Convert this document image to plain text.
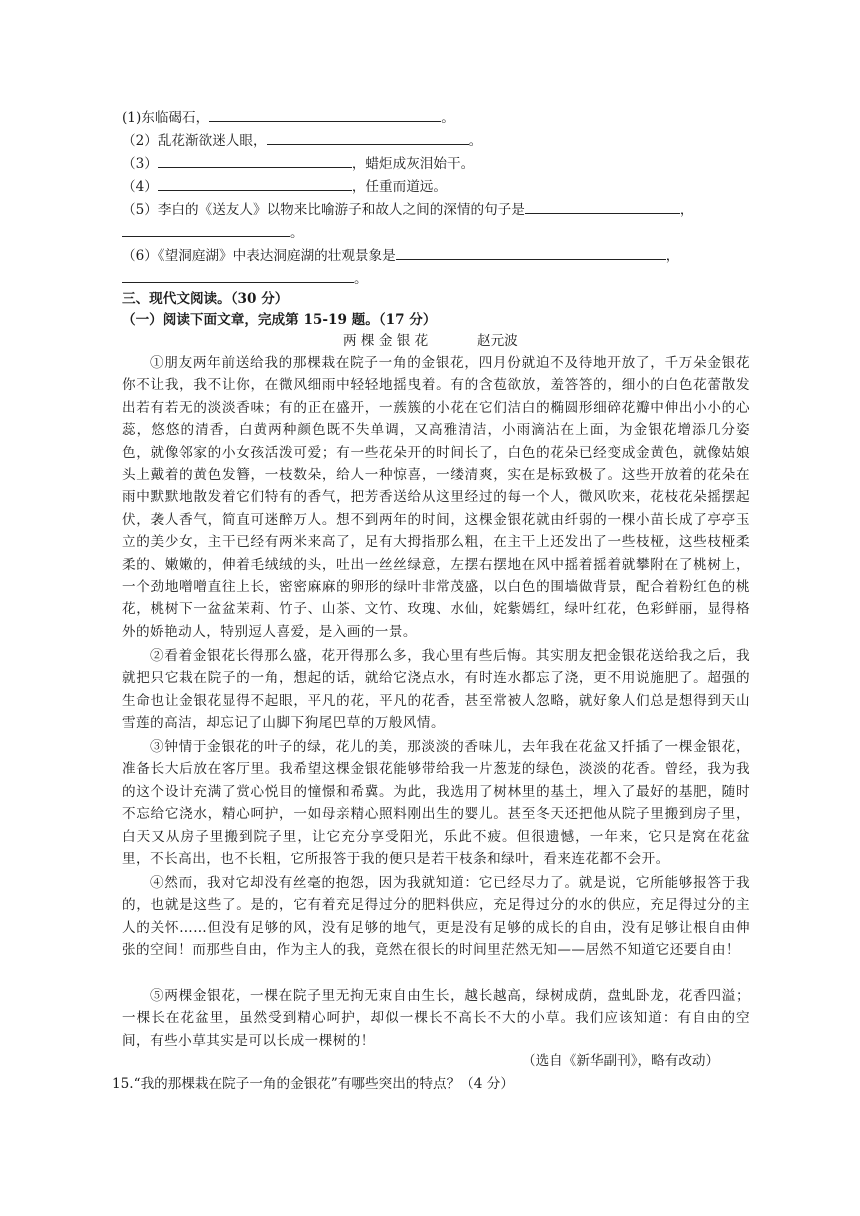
(1)东临碣石，	。
（2）乱花渐欲迷人眼，	。
（3）	，蜡炬成灰泪始干。
（4）	，任重而道远。
（5）李白的《送友人》以物来比喻游子和故人之间的深情的句子是	，
。
（6）《望洞庭湖》中表达洞庭湖的壮观景象是	，
。
三、现代文阅读。（30 分）
（一）阅读下面文章，完成第 15-19 题。（17 分）
两 棵 金 银 花	赵元波

①朋友两年前送给我的那棵栽在院子一角的金银花，四月份就迫不及待地开放了，千万朵金银花你不让我，我不让你，在微风细雨中轻轻地摇曳着。有的含苞欲放，羞答答的，细小的白色花蕾散发出若有若无的淡淡香味；有的正在盛开，一蔟簇的小花在它们洁白的椭圆形细碎花瓣中伸出小小的心蕊，悠悠的清香，白黄两种颜色既不失单调，又高雅清洁，小雨滴沾在上面，为金银花增添几分姿色，就像邻家的小女孩活泼可爱；有一些花朵开的时间长了，白色的花朵已经变成金黄色，就像姑娘头上戴着的黄色发簪，一枝数朵，给人一种惊喜，一缕清爽，实在是标致极了。这些开放着的花朵在雨中默默地散发着它们特有的香气，把芳香送给从这里经过的每一个人，微风吹来，花枝花朵摇摆起伏，袭人香气，简直可迷醉万人。想不到两年的时间，这棵金银花就由纤弱的一棵小苗长成了亭亭玉立的美少女，主干已经有两米来高了，足有大拇指那么粗，在主干上还发出了一些枝桠，这些枝桠柔柔的、嫩嫩的，伸着毛绒绒的头，吐出一丝丝绿意，左摆右摆地在风中摇着摇着就攀附在了桃树上，一个劲地噌噌直往上长，密密麻麻的卵形的绿叶非常茂盛，以白色的围墙做背景，配合着粉红色的桃花，桃树下一盆盆茉莉、竹子、山茶、文竹、玫瑰、水仙，姹紫嫣红，绿叶红花，色彩鲜丽，显得格外的娇艳动人，特别逗人喜爱，是入画的一景。

②看着金银花长得那么盛，花开得那么多，我心里有些后悔。其实朋友把金银花送给我之后，我就把只它栽在院子的一角，想起的话，就给它浇点水，有时连水都忘了浇，更不用说施肥了。超强的生命也让金银花显得不起眼，平凡的花，平凡的花香，甚至常被人忽略，就好象人们总是想得到天山雪莲的高洁，却忘记了山脚下狗尾巴草的万般风情。

③钟情于金银花的叶子的绿，花儿的美，那淡淡的香味儿，去年我在花盆又扦插了一棵金银花，准备长大后放在客厅里。我希望这棵金银花能够带给我一片葱茏的绿色，淡淡的花香。曾经，我为我的这个设计充满了赏心悦目的憧憬和希冀。为此，我选用了树林里的基土，埋入了最好的基肥，随时不忘给它浇水，精心呵护，一如母亲精心照料刚出生的婴儿。甚至冬天还把他从院子里搬到房子里，白天又从房子里搬到院子里，让它充分享受阳光，乐此不疲。但很遗憾，一年来，它只是窝在花盆里，不长高出，也不长粗，它所报答于我的便只是若干枝条和绿叶，看来连花都不会开。

④然而，我对它却没有丝毫的抱怨，因为我就知道：它已经尽力了。就是说，它所能够报答于我的，也就是这些了。是的，它有着充足得过分的肥料供应，充足得过分的水的供应，充足得过分的主人的关怀……但没有足够的风，没有足够的地气，更是没有足够的成长的自由，没有足够让根自由伸张的空间！而那些自由，作为主人的我，竟然在很长的时间里茫然无知——居然不知道它还要自由！

⑤两棵金银花，一棵在院子里无拘无束自由生长，越长越高，绿树成荫，盘虬卧龙，花香四溢；一棵长在花盆里，虽然受到精心呵护，却似一棵长不高长不大的小草。我们应该知道：有自由的空间，有些小草其实是可以长成一棵树的！

（选自《新华副刊》，略有改动）
15.“我的那棵栽在院子一角的金银花”有哪些突出的特点？（4 分）
